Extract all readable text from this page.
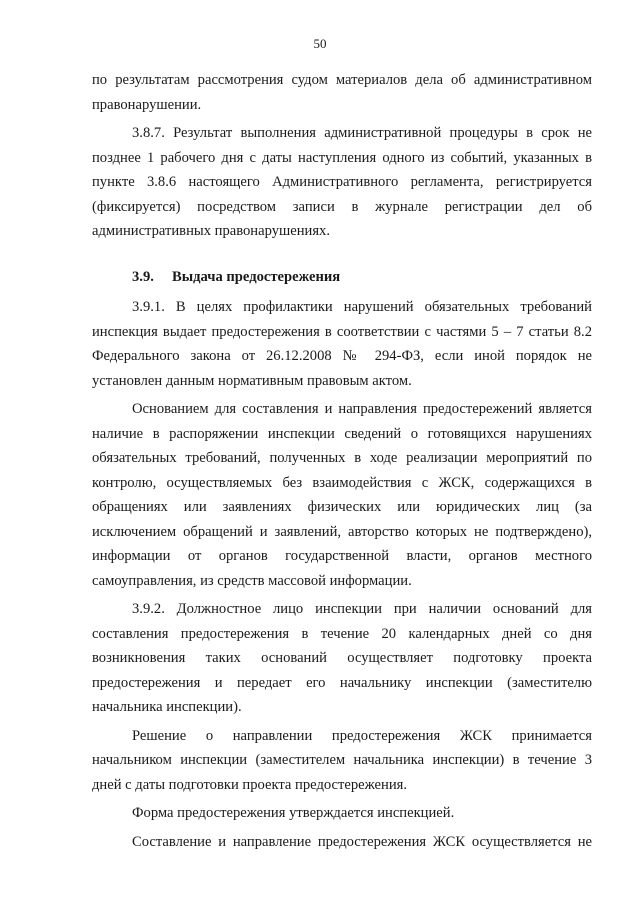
50

по результатам рассмотрения судом материалов дела об административном правонарушении.

3.8.7. Результат выполнения административной процедуры в срок не позднее 1 рабочего дня с даты наступления одного из событий, указанных в пункте 3.8.6 настоящего Административного регламента, регистрируется (фиксируется) посредством записи в журнале регистрации дел об административных правонарушениях.

3.9. Выдача предостережения

3.9.1. В целях профилактики нарушений обязательных требований инспекция выдает предостережения в соответствии с частями 5 – 7 статьи 8.2 Федерального закона от 26.12.2008 № 294-ФЗ, если иной порядок не установлен данным нормативным правовым актом.

Основанием для составления и направления предостережений является наличие в распоряжении инспекции сведений о готовящихся нарушениях обязательных требований, полученных в ходе реализации мероприятий по контролю, осуществляемых без взаимодействия с ЖСК, содержащихся в обращениях или заявлениях физических или юридических лиц (за исключением обращений и заявлений, авторство которых не подтверждено), информации от органов государственной власти, органов местного самоуправления, из средств массовой информации.

3.9.2. Должностное лицо инспекции при наличии оснований для составления предостережения в течение 20 календарных дней со дня возникновения таких оснований осуществляет подготовку проекта предостережения и передает его начальнику инспекции (заместителю начальника инспекции).

Решение о направлении предостережения ЖСК принимается начальником инспекции (заместителем начальника инспекции) в течение 3 дней с даты подготовки проекта предостережения.

Форма предостережения утверждается инспекцией.

Составление и направление предостережения ЖСК осуществляется не
